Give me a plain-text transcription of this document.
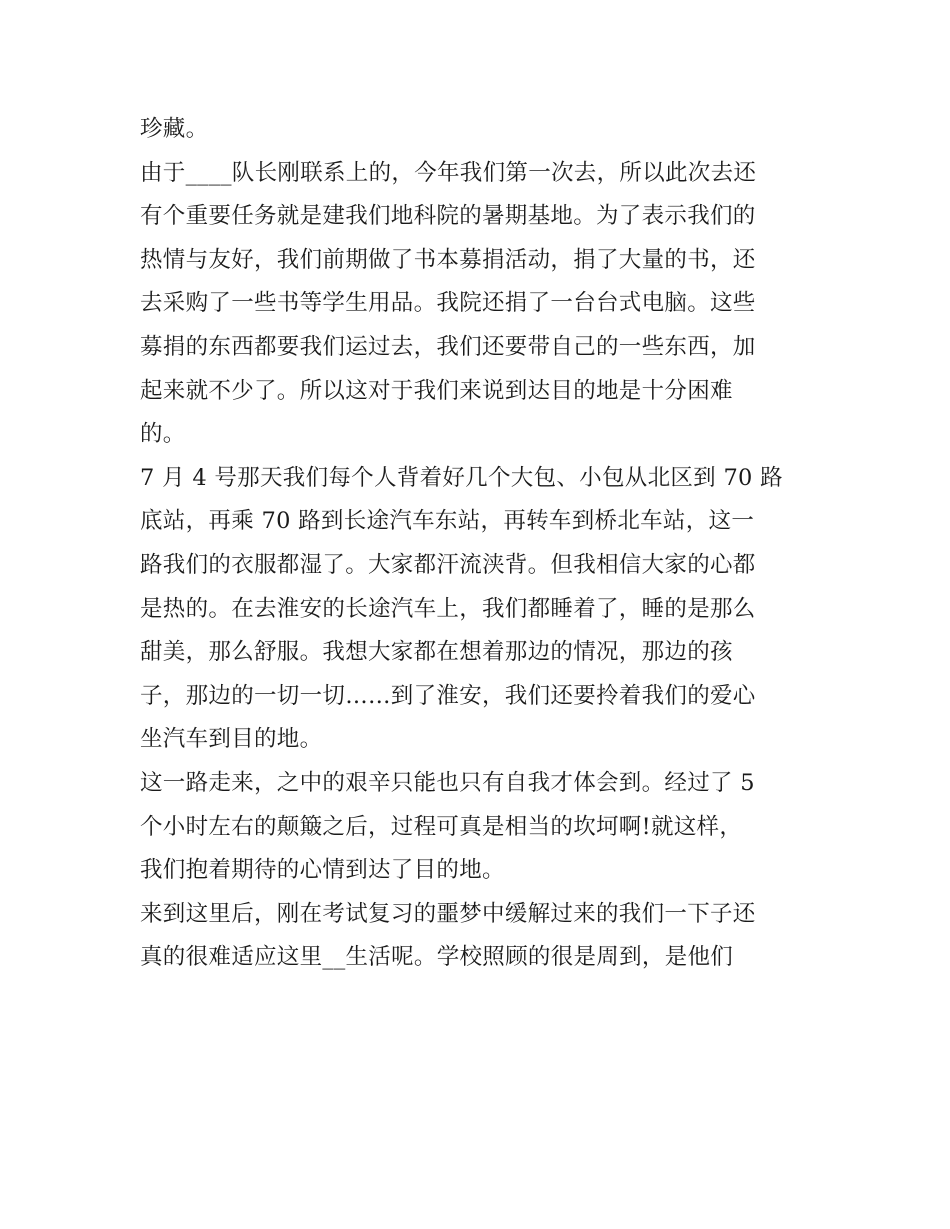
珍藏。
由于____队长刚联系上的，今年我们第一次去，所以此次去还
有个重要任务就是建我们地科院的暑期基地。为了表示我们的
热情与友好，我们前期做了书本募捐活动，捐了大量的书，还
去采购了一些书等学生用品。我院还捐了一台台式电脑。这些
募捐的东西都要我们运过去，我们还要带自己的一些东西，加
起来就不少了。所以这对于我们来说到达目的地是十分困难
的。
7 月 4 号那天我们每个人背着好几个大包、小包从北区到 70 路
底站，再乘 70 路到长途汽车东站，再转车到桥北车站，这一
路我们的衣服都湿了。大家都汗流浃背。但我相信大家的心都
是热的。在去淮安的长途汽车上，我们都睡着了，睡的是那么
甜美，那么舒服。我想大家都在想着那边的情况，那边的孩
子，那边的一切一切……到了淮安，我们还要拎着我们的爱心
坐汽车到目的地。
这一路走来，之中的艰辛只能也只有自我才体会到。经过了 5
个小时左右的颠簸之后，过程可真是相当的坎坷啊!就这样，
我们抱着期待的心情到达了目的地。
来到这里后，刚在考试复习的噩梦中缓解过来的我们一下子还
真的很难适应这里__生活呢。学校照顾的很是周到，是他们
